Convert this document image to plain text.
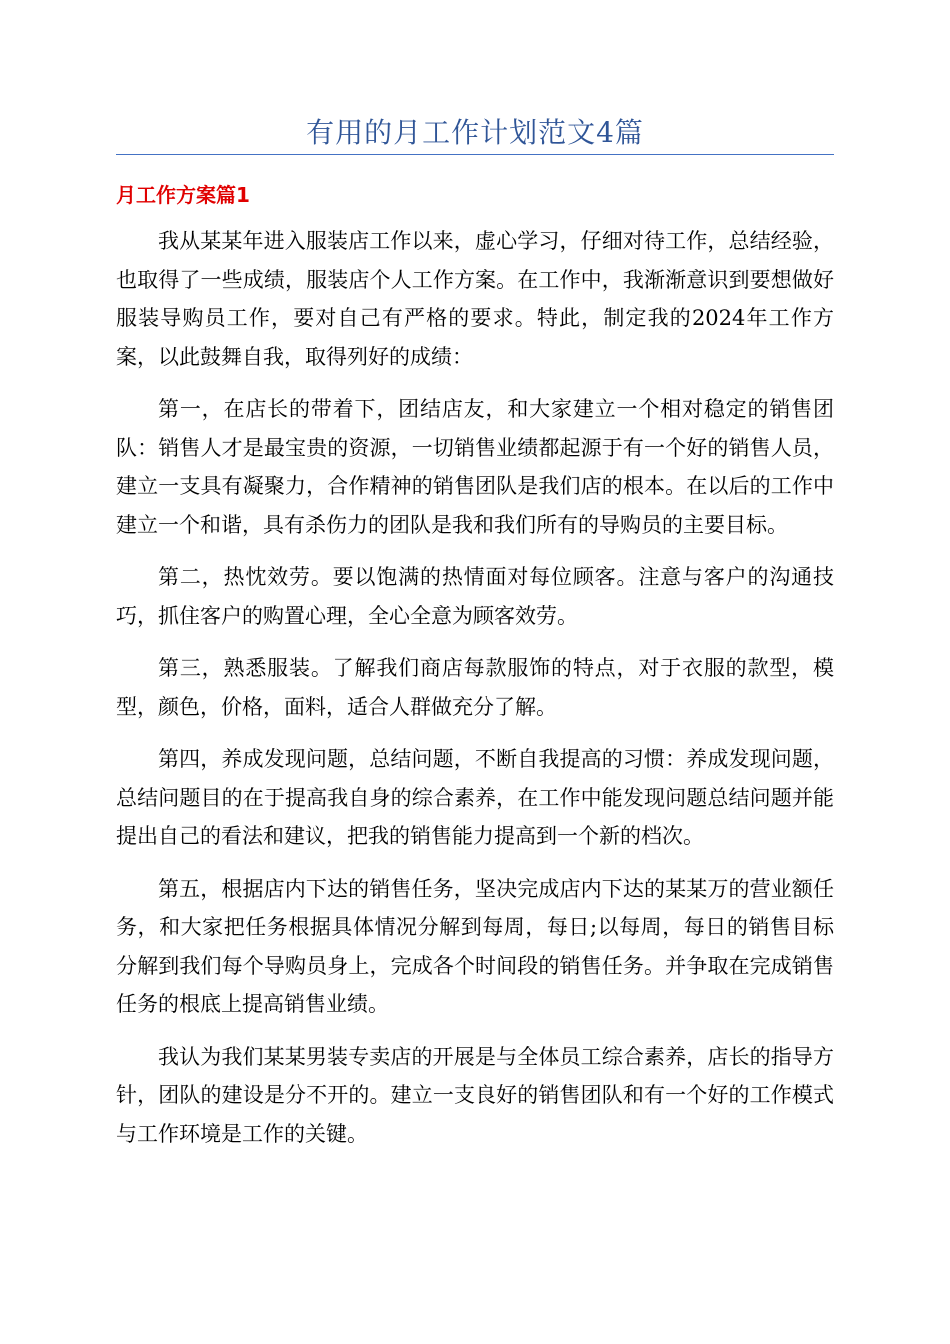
有用的月工作计划范文4篇
月工作方案篇1

我从某某年进入服装店工作以来，虚心学习，仔细对待工作，总结经验，也取得了一些成绩，服装店个人工作方案。在工作中，我渐渐意识到要想做好服装导购员工作，要对自己有严格的要求。特此，制定我的2024年工作方案，以此鼓舞自我，取得列好的成绩：

第一，在店长的带着下，团结店友，和大家建立一个相对稳定的销售团队：销售人才是最宝贵的资源，一切销售业绩都起源于有一个好的销售人员，建立一支具有凝聚力，合作精神的销售团队是我们店的根本。在以后的工作中建立一个和谐，具有杀伤力的团队是我和我们所有的导购员的主要目标。

第二，热忱效劳。要以饱满的热情面对每位顾客。注意与客户的沟通技巧，抓住客户的购置心理，全心全意为顾客效劳。

第三，熟悉服装。了解我们商店每款服饰的特点，对于衣服的款型，模型，颜色，价格，面料，适合人群做充分了解。

第四，养成发现问题，总结问题，不断自我提高的习惯：养成发现问题，总结问题目的在于提高我自身的综合素养，在工作中能发现问题总结问题并能提出自己的看法和建议，把我的销售能力提高到一个新的档次。

第五，根据店内下达的销售任务，坚决完成店内下达的某某万的营业额任务，和大家把任务根据具体情况分解到每周，每日;以每周，每日的销售目标分解到我们每个导购员身上，完成各个时间段的销售任务。并争取在完成销售任务的根底上提高销售业绩。

我认为我们某某男装专卖店的开展是与全体员工综合素养，店长的指导方针，团队的建设是分不开的。建立一支良好的销售团队和有一个好的工作模式与工作环境是工作的关键。
